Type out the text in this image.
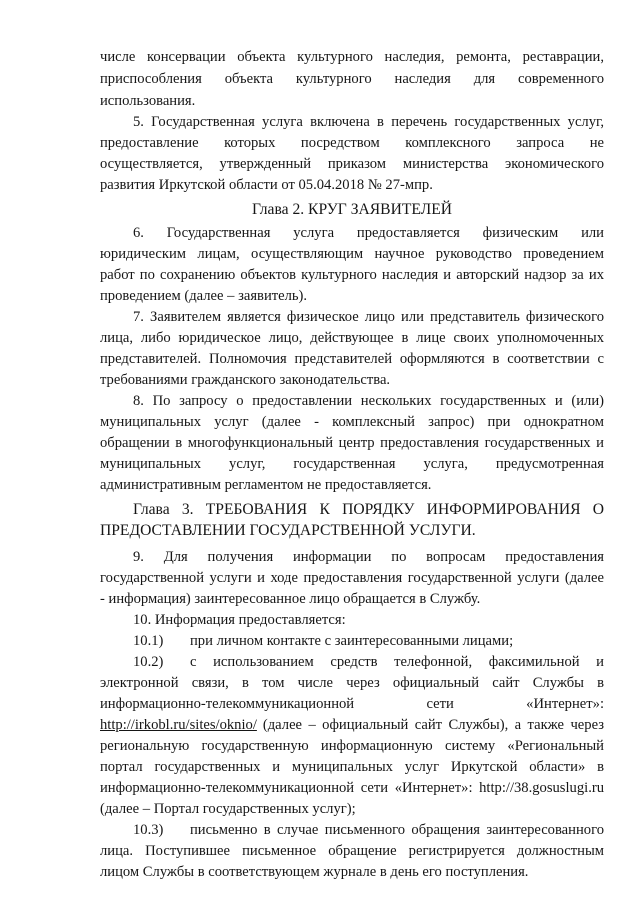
числе консервации объекта культурного наследия, ремонта, реставрации,
приспособления объекта культурного наследия для современного
использования.
5. Государственная услуга включена в перечень государственных услуг,
предоставление которых посредством комплексного запроса не
осуществляется, утвержденный приказом министерства экономического
развития Иркутской области от 05.04.2018 № 27-мпр.
Глава 2. КРУГ ЗАЯВИТЕЛЕЙ
6. Государственная услуга предоставляется физическим или
юридическим лицам, осуществляющим научное руководство проведением
работ по сохранению объектов культурного наследия и авторский надзор за их
проведением (далее – заявитель).
7. Заявителем является физическое лицо или представитель физического
лица, либо юридическое лицо, действующее в лице своих уполномоченных
представителей. Полномочия представителей оформляются в соответствии с
требованиями гражданского законодательства.
8. По запросу о предоставлении нескольких государственных и (или)
муниципальных услуг (далее - комплексный запрос) при однократном
обращении в многофункциональный центр предоставления государственных и
муниципальных услуг, государственная услуга, предусмотренная
административным регламентом не предоставляется.
Глава 3. ТРЕБОВАНИЯ К ПОРЯДКУ ИНФОРМИРОВАНИЯ О
ПРЕДОСТАВЛЕНИИ ГОСУДАРСТВЕННОЙ УСЛУГИ.
9. Для получения информации по вопросам предоставления
государственной услуги и ходе предоставления государственной услуги (далее
- информация) заинтересованное лицо обращается в Службу.
10. Информация предоставляется:
10.1)	при личном контакте с заинтересованными лицами;
10.2)	с использованием средств телефонной, факсимильной и
электронной связи, в том числе через официальный сайт Службы в
информационно-телекоммуникационной сети «Интернет»:
http://irkobl.ru/sites/oknio/ (далее – официальный сайт Службы), а также через
региональную государственную информационную систему «Региональный
портал государственных и муниципальных услуг Иркутской области» в
информационно-телекоммуникационной сети «Интернет»: http://38.gosuslugi.ru
(далее – Портал государственных услуг);
10.3)	письменно в случае письменного обращения заинтересованного
лица. Поступившее письменное обращение регистрируется должностным
лицом Службы в соответствующем журнале в день его поступления.
